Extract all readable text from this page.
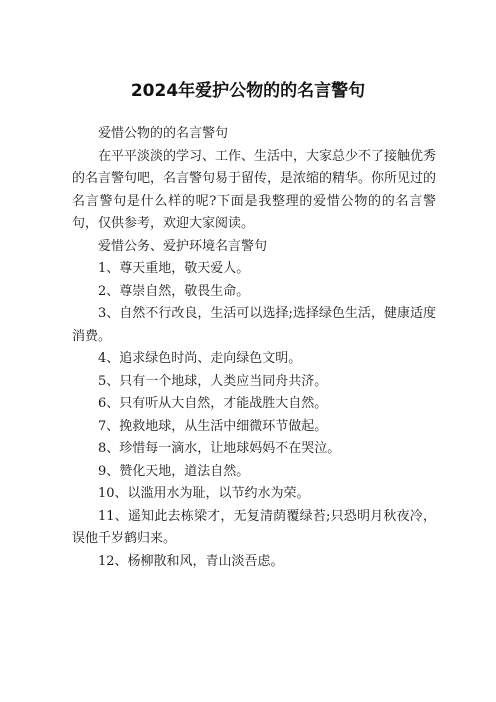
2024年爱护公物的的名言警句

爱惜公物的的名言警句

在平平淡淡的学习、工作、生活中，大家总少不了接触优秀的名言警句吧，名言警句易于留传，是浓缩的精华。你所见过的名言警句是什么样的呢?下面是我整理的爱惜公物的的名言警句，仅供参考，欢迎大家阅读。

爱惜公务、爱护环境名言警句

1、尊天重地，敬天爱人。

2、尊崇自然，敬畏生命。

3、自然不行改良，生活可以选择;选择绿色生活，健康适度消费。

4、追求绿色时尚、走向绿色文明。

5、只有一个地球，人类应当同舟共济。

6、只有听从大自然，才能战胜大自然。

7、挽救地球，从生活中细微环节做起。

8、珍惜每一滴水，让地球妈妈不在哭泣。

9、赞化天地，道法自然。

10、以滥用水为耻，以节约水为荣。

11、遥知此去栋梁才，无复清荫覆绿苔;只恐明月秋夜冷，误他千岁鹤归来。

12、杨柳散和风，青山淡吾虑。
